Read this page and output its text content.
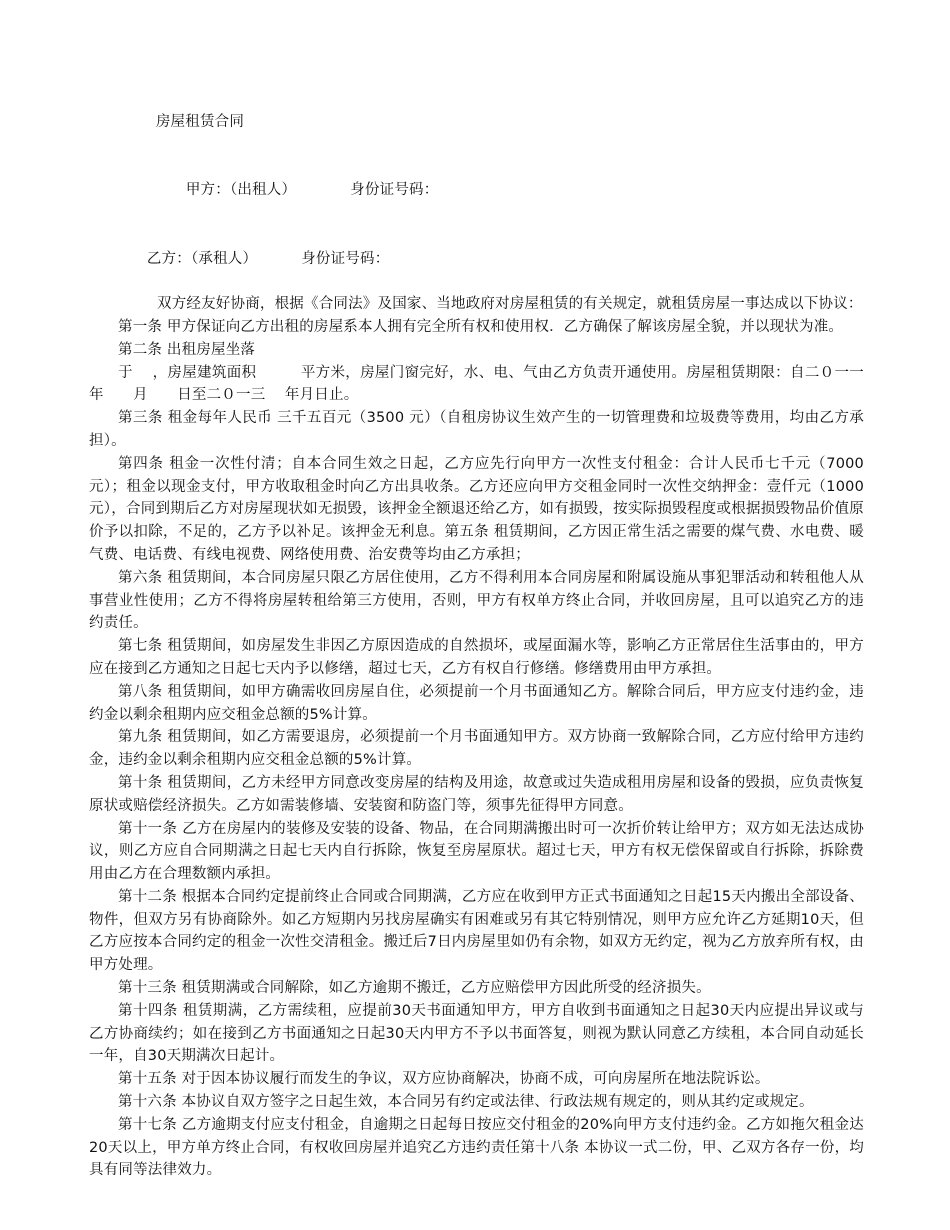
房屋租赁合同

甲方：（出租人）	身份证号码：

乙方：（承租人）	身份证号码：

双方经友好协商，根据《合同法》及国家、当地政府对房屋租赁的有关规定，就租赁房屋一事达成以下协议：

第一条 甲方保证向乙方出租的房屋系本人拥有完全所有权和使用权．乙方确保了解该房屋全貌，并以现状为准。

第二条 出租房屋坐落

于　 ，房屋建筑面积　　　平方米，房屋门窗完好，水、电、气由乙方负责开通使用。房屋租赁期限：自二０一一年　　月　　日至二０一三　 年月日止。

第三条 租金每年人民币 三千五百元（3500 元）（自租房协议生效产生的一切管理费和垃圾费等费用，均由乙方承担）。

第四条 租金一次性付清；自本合同生效之日起，乙方应先行向甲方一次性支付租金：合计人民币七千元（7000元）；租金以现金支付，甲方收取租金时向乙方出具收条。乙方还应向甲方交租金同时一次性交纳押金：壹仟元（1000元），合同到期后乙方对房屋现状如无损毁，该押金全额退还给乙方，如有损毁，按实际损毁程度或根据损毁物品价值原价予以扣除，不足的，乙方予以补足。该押金无利息。第五条 租赁期间，乙方因正常生活之需要的煤气费、水电费、暖气费、电话费、有线电视费、网络使用费、治安费等均由乙方承担；

第六条 租赁期间，本合同房屋只限乙方居住使用，乙方不得利用本合同房屋和附属设施从事犯罪活动和转租他人从事营业性使用；乙方不得将房屋转租给第三方使用，否则，甲方有权单方终止合同，并收回房屋，且可以追究乙方的违约责任。

第七条 租赁期间，如房屋发生非因乙方原因造成的自然损坏，或屋面漏水等，影响乙方正常居住生活事由的，甲方应在接到乙方通知之日起七天内予以修缮，超过七天，乙方有权自行修缮。修缮费用由甲方承担。

第八条 租赁期间，如甲方确需收回房屋自住，必须提前一个月书面通知乙方。解除合同后，甲方应支付违约金，违约金以剩余租期内应交租金总额的5%计算。

第九条 租赁期间，如乙方需要退房，必须提前一个月书面通知甲方。双方协商一致解除合同，乙方应付给甲方违约金，违约金以剩余租期内应交租金总额的5%计算。

第十条 租赁期间，乙方未经甲方同意改变房屋的结构及用途，故意或过失造成租用房屋和设备的毁损，应负责恢复原状或赔偿经济损失。乙方如需装修墙、安装窗和防盗门等，须事先征得甲方同意。

第十一条 乙方在房屋内的装修及安装的设备、物品，在合同期满搬出时可一次折价转让给甲方；双方如无法达成协议，则乙方应自合同期满之日起七天内自行拆除，恢复至房屋原状。超过七天，甲方有权无偿保留或自行拆除，拆除费用由乙方在合理数额内承担。

第十二条 根据本合同约定提前终止合同或合同期满，乙方应在收到甲方正式书面通知之日起15天内搬出全部设备、物件，但双方另有协商除外。如乙方短期内另找房屋确实有困难或另有其它特别情况，则甲方应允许乙方延期10天，但乙方应按本合同约定的租金一次性交清租金。搬迁后7日内房屋里如仍有余物，如双方无约定，视为乙方放弃所有权，由甲方处理。

第十三条 租赁期满或合同解除，如乙方逾期不搬迁，乙方应赔偿甲方因此所受的经济损失。

第十四条 租赁期满，乙方需续租，应提前30天书面通知甲方，甲方自收到书面通知之日起30天内应提出异议或与乙方协商续约；如在接到乙方书面通知之日起30天内甲方不予以书面答复，则视为默认同意乙方续租，本合同自动延长一年，自30天期满次日起计。

第十五条 对于因本协议履行而发生的争议，双方应协商解决，协商不成，可向房屋所在地法院诉讼。

第十六条 本协议自双方签字之日起生效，本合同另有约定或法律、行政法规有规定的，则从其约定或规定。

第十七条 乙方逾期支付应支付租金，自逾期之日起每日按应交付租金的20%向甲方支付违约金。乙方如拖欠租金达20天以上，甲方单方终止合同，有权收回房屋并追究乙方违约责任第十八条 本协议一式二份，甲、乙双方各存一份，均具有同等法律效力。
